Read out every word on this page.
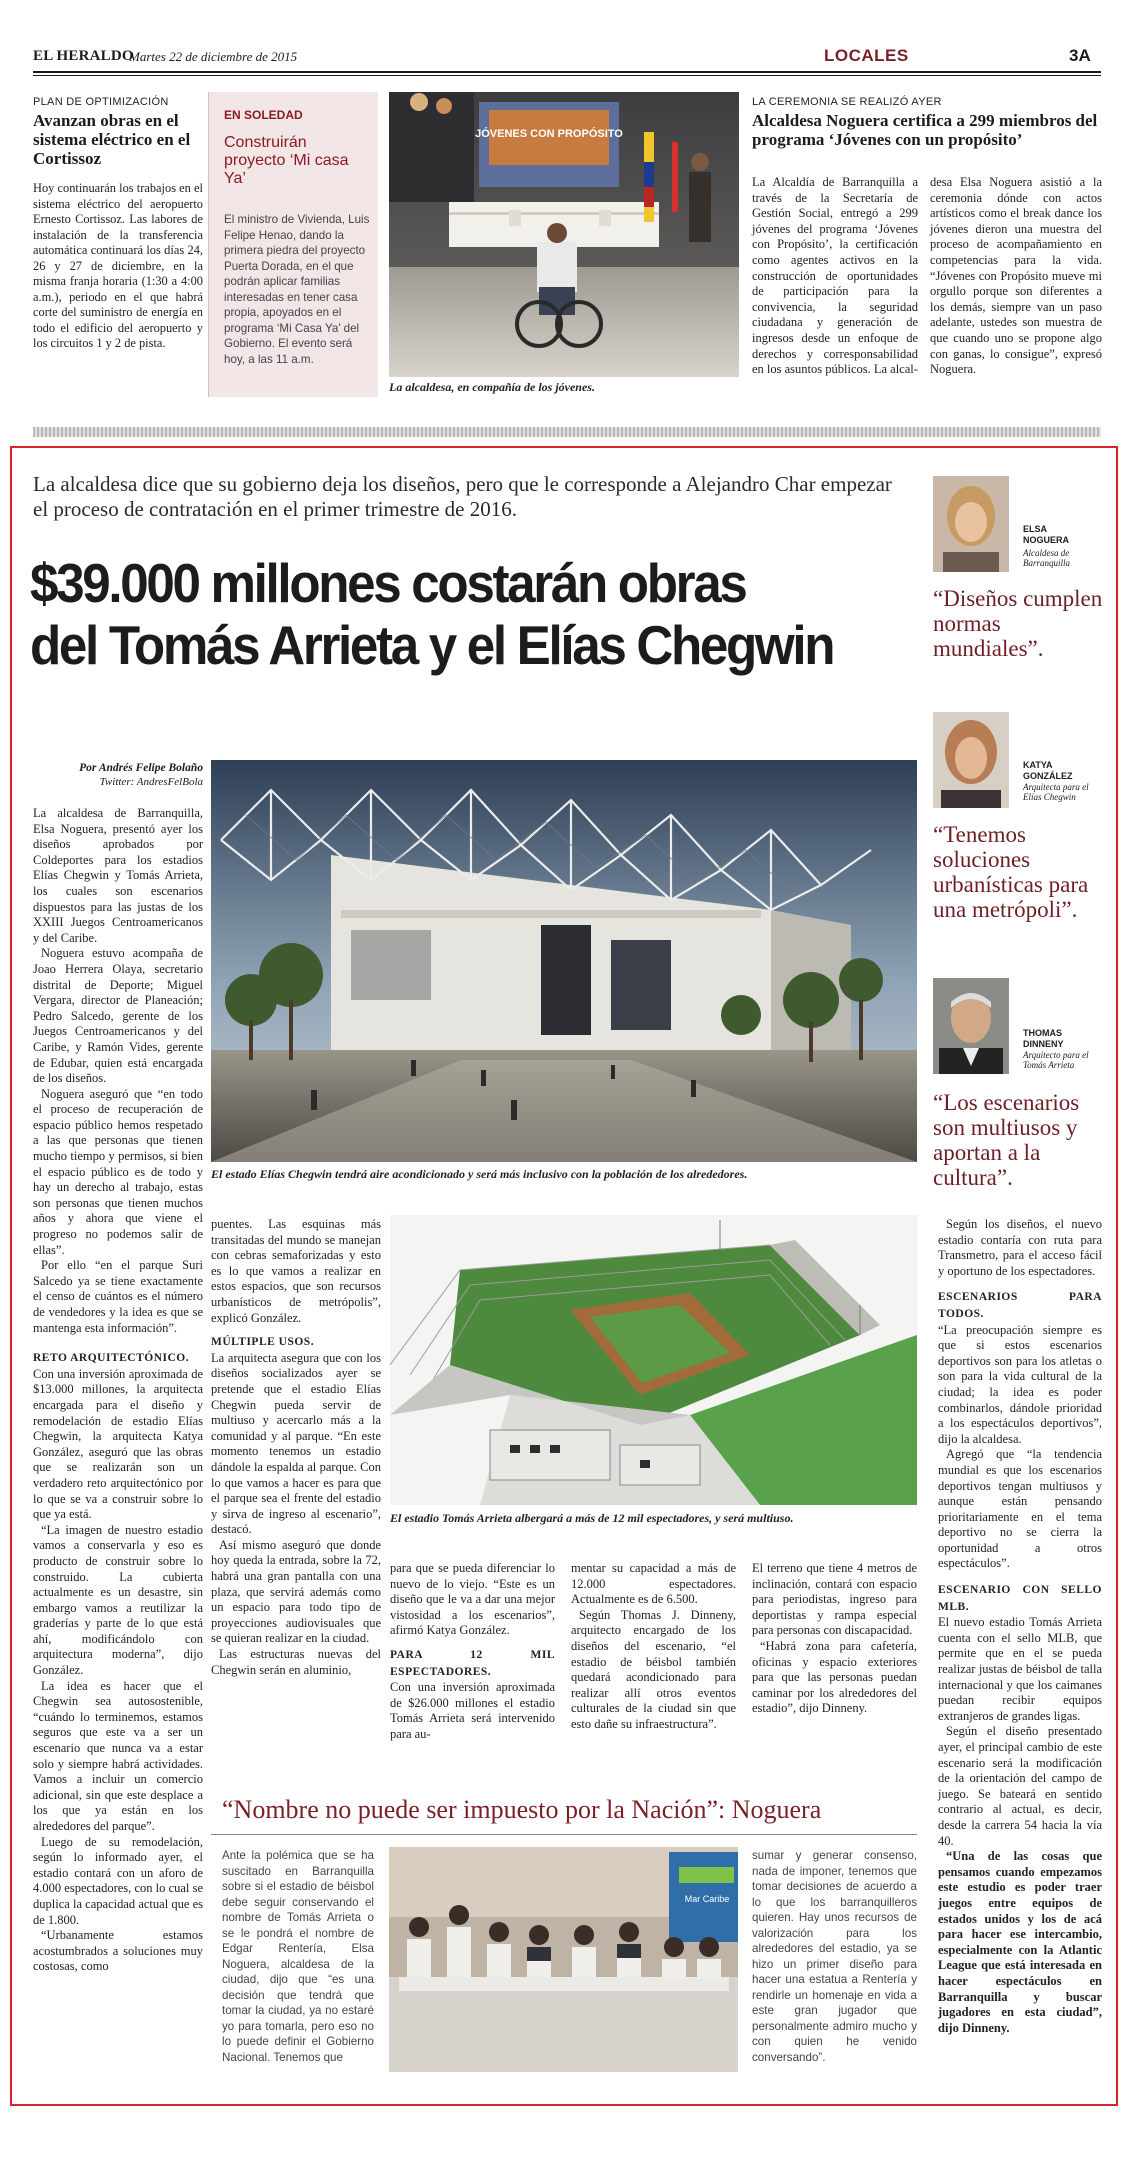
EL HERALDO
Martes 22 de diciembre de 2015	LOCALES	3A
PLAN DE OPTIMIZACIÓN
Avanzan obras en el sistema eléctrico en el Cortissoz
Hoy continuarán los trabajos en el sistema eléctrico del aeropuerto Ernesto Cortissoz. Las labores de instalación de la transferencia automática continuará los días 24, 26 y 27 de diciembre, en la misma franja horaria (1:30 a 4:00 a.m.), periodo en el que habrá corte del suministro de energía en todo el edificio del aeropuerto y los circuitos 1 y 2 de pista.
EN SOLEDAD
Construirán proyecto ‘Mi casa Ya’
El ministro de Vivienda, Luis Felipe Henao, dando la primera piedra del proyecto Puerta Dorada, en el que podrán aplicar familias interesadas en tener casa propia, apoyados en el programa ‘Mi Casa Ya’ del Gobierno. El evento será hoy, a las 11 a.m.
JÓVENES CON PROPÓSITO
La alcaldesa, en compañía de los jóvenes.
LA CEREMONIA SE REALIZÓ AYER
Alcaldesa Noguera certifica a 299 miembros del programa ‘Jóvenes con un propósito’
La Alcaldía de Barranquilla a través de la Secretaría de Gestión Social, entregó a 299 jóvenes del programa ‘Jóvenes con Propósito’, la certificación como agentes activos en la construcción de oportunidades de participación para la convivencia, la seguridad ciudadana y generación de ingresos desde un enfoque de derechos y corresponsabilidad en los asuntos públicos. La alcal-
desa Elsa Noguera asistió a la ceremonia dónde con actos artísticos como el break dance los jóvenes dieron una muestra del proceso de acompañamiento en competencias para la vida. “Jóvenes con Propósito mueve mi orgullo porque son diferentes a los demás, siempre van un paso adelante, ustedes son muestra de que cuando uno se propone algo con ganas, lo consigue”, expresó Noguera.
La alcaldesa dice que su gobierno deja los diseños, pero que le corresponde a Alejandro Char empezar el proceso de contratación en el primer trimestre de 2016.
$39.000 millones costarán obras
del Tomás Arrieta y el Elías Chegwin
Por Andrés Felipe Bolaño
Twitter: AndresFelBola
El estado Elías Chegwin tendrá aire acondicionado y será más inclusivo con la población de los alrededores.

La alcaldesa de Barranquilla, Elsa Noguera, presentó ayer los diseños aprobados por Coldeportes para los estadios Elías Chegwin y Tomás Arrieta, los cuales son escenarios dispuestos para las justas de los XXIII Juegos Centroamericanos y del Caribe.

Noguera estuvo acompaña de Joao Herrera Olaya, secretario distrital de Deporte; Miguel Vergara, director de Planeación; Pedro Salcedo, gerente de los Juegos Centroamericanos y del Caribe, y Ramón Vides, gerente de Edubar, quien está encargada de los diseños.

Noguera aseguró que “en todo el proceso de recuperación de espacio público hemos respetado a las que personas que tienen mucho tiempo y permisos, si bien el espacio público es de todo y hay un derecho al trabajo, estas son personas que tienen muchos años y ahora que viene el progreso no podemos salir de ellas”.

Por ello “en el parque Suri Salcedo ya se tiene exactamente el censo de cuántos es el número de vendedores y la idea es que se mantenga esta información”.

RETO ARQUITECTÓNICO.

Con una inversión aproximada de $13.000 millones, la arquitecta encargada para el diseño y remodelación de estadio Elías Chegwin, la arquitecta Katya González, aseguró que las obras que se realizarán son un verdadero reto arquitectónico por lo que se va a construir sobre lo que ya está.

“La imagen de nuestro estadio vamos a conservarla y eso es producto de construir sobre lo construido. La cubierta actualmente es un desastre, sin embargo vamos a reutilizar la graderías y parte de lo que está ahí, modificándolo con arquitectura moderna”, dijo González.

La idea es hacer que el Chegwin sea autosostenible, “cuándo lo terminemos, estamos seguros que este va a ser un escenario que nunca va a estar solo y siempre habrá actividades. Vamos a incluir un comercio adicional, sin que este desplace a los que ya están en los alrededores del parque”.

Luego de su remodelación, según lo informado ayer, el estadio contará con un aforo de 4.000 espectadores, con lo cual se duplica la capacidad actual que es de 1.800.

“Urbanamente estamos acostumbrados a soluciones muy costosas, como

puentes. Las esquinas más transitadas del mundo se manejan con cebras semaforizadas y esto es lo que vamos a realizar en estos espacios, que son recursos urbanísticos de metrópolis”, explicó González.

MÚLTIPLE USOS.

La arquitecta asegura que con los diseños socializados ayer se pretende que el estadio Elías Chegwin pueda servir de multiuso y acercarlo más a la comunidad y al parque. “En este momento tenemos un estadio dándole la espalda al parque. Con lo que vamos a hacer es para que el parque sea el frente del estadio y sirva de ingreso al escenario”, destacó.

Así mismo aseguró que donde hoy queda la entrada, sobre la 72, habrá una gran pantalla con una plaza, que servirá además como un espacio para todo tipo de proyecciones audiovisuales que se quieran realizar en la ciudad.

Las estructuras nuevas del Chegwin serán en aluminio,

El estadio Tomás Arrieta albergará a más de 12 mil espectadores, y será multiuso.

para que se pueda diferenciar lo nuevo de lo viejo. “Este es un diseño que le va a dar una mejor vistosidad a los escenarios”, afirmó Katya González.

PARA 12 MIL ESPECTADORES.

Con una inversión aproximada de $26.000 millones el estadio Tomás Arrieta será intervenido para au-

mentar su capacidad a más de 12.000 espectadores. Actualmente es de 6.500.

Según Thomas J. Dinneny, arquitecto encargado de los diseños del escenario, “el estadio de béisbol también quedará acondicionado para realizar allí otros eventos culturales de la ciudad sin que esto dañe su infraestructura”.

El terreno que tiene 4 metros de inclinación, contará con espacio para periodistas, ingreso para deportistas y rampa especial para personas con discapacidad.

“Habrá zona para cafetería, oficinas y espacio exteriores para que las personas puedan caminar por los alrededores del estadio”, dijo Dinneny.

ELSA NOGUERA
Alcaldesa de Barranquilla
“Diseños cumplen normas mundiales”.
KATYA GONZÁLEZ
Arquitecta para el Elías Chegwin
“Tenemos soluciones urbanísticas para una metrópoli”.
THOMAS DINNENY
Arquitecto para el Tomás Arrieta
“Los escenarios son multiusos y aportan a la cultura”.

Según los diseños, el nuevo estadio contaría con ruta para Transmetro, para el acceso fácil y oportuno de los espectadores.

ESCENARIOS PARA TODOS.

“La preocupación siempre es que si estos escenarios deportivos son para los atletas o son para la vida cultural de la ciudad; la idea es poder combinarlos, dándole prioridad a los espectáculos deportivos”, dijo la alcaldesa.

Agregó que “la tendencia mundial es que los escenarios deportivos tengan multiusos y aunque están pensando prioritariamente en el tema deportivo no se cierra la oportunidad a otros espectáculos”.

ESCENARIO CON SELLO MLB.

El nuevo estadio Tomás Arrieta cuenta con el sello MLB, que permite que en el se pueda realizar justas de béisbol de talla internacional y que los caimanes puedan recibir equipos extranjeros de grandes ligas.

Según el diseño presentado ayer, el principal cambio de este escenario será la modificación de la orientación del campo de juego. Se bateará en sentido contrario al actual, es decir, desde la carrera 54 hacia la vía 40.

“Una de las cosas que pensamos cuando empezamos este estudio es poder traer juegos entre equipos de estados unidos y los de acá para hacer ese intercambio, especialmente con la Atlantic League que está interesada en hacer espectáculos en Barranquilla y buscar jugadores en esta ciudad”, dijo Dinneny.

“Nombre no puede ser impuesto por la Nación”: Noguera
Ante la polémica que se ha suscitado en Barranquilla sobre si el estadio de béisbol debe seguir conservando el nombre de Tomás Arrieta o se le pondrá el nombre de Edgar Rentería, Elsa Noguera, alcaldesa de la ciudad, dijo que “es una decisión que tendrá que tomar la ciudad, ya no estaré yo para tomarla, pero eso no lo puede definir el Gobierno Nacional. Tenemos que
Mar Caribe
sumar y generar consenso, nada de imponer, tenemos que tomar decisiones de acuerdo a lo que los barranquilleros quieren. Hay unos recursos de valorización para los alrededores del estadio, ya se hizo un primer diseño para hacer una estatua a Rentería y rendirle un homenaje en vida a este gran jugador que personalmente admiro mucho y con quien he venido conversando”.
